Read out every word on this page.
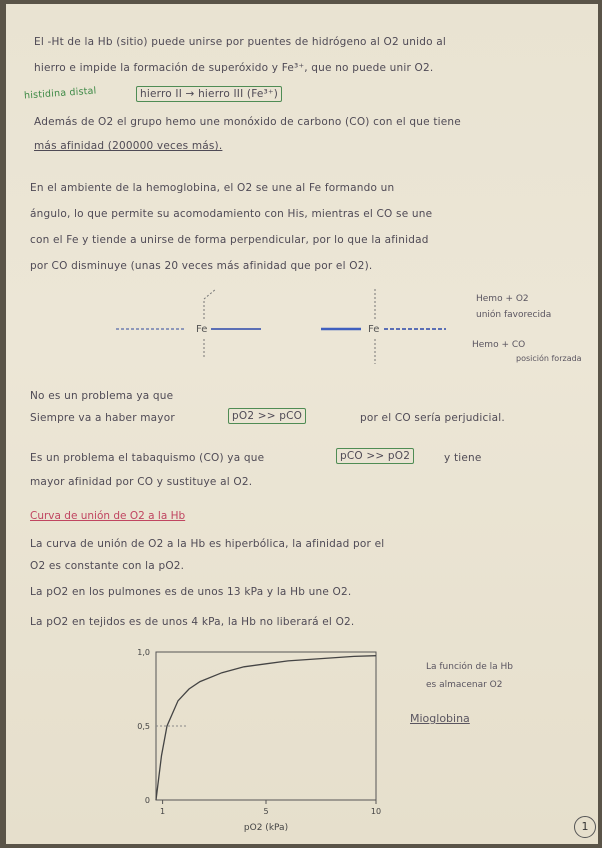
El -Ht de la Hb (sitio) puede unirse por puentes de hidrógeno al O2 unido al
hierro e impide la formación de superóxido y Fe³⁺, que no puede unir O2.
histidina distal	hierro II → hierro III (Fe³⁺)
Además de O2 el grupo hemo une monóxido de carbono (CO) con el que tiene
más afinidad (200000 veces más).
En el ambiente de la hemoglobina, el O2 se une al Fe formando un
ángulo, lo que permite su acomodamiento con His, mientras el CO se une
con el Fe y tiende a unirse de forma perpendicular, por lo que la afinidad
por CO disminuye (unas 20 veces más afinidad que por el O2).
Fe	Fe
Hemo + O2
unión favorecida
Hemo + CO
posición forzada
No es un problema ya que
Siempre va a haber mayor	pO2 >> pCO	por el CO sería perjudicial.
Es un problema el tabaquismo (CO) ya que	pCO >> pO2	y tiene
mayor afinidad por CO y sustituye al O2.
Curva de unión de O2 a la Hb
La curva de unión de O2 a la Hb es hiperbólica, la afinidad por el
O2 es constante con la pO2.
La pO2 en los pulmones es de unos 13 kPa y la Hb une O2.
La pO2 en tejidos es de unos 4 kPa, la Hb no liberará el O2.
1,0
0,5
0
1	5	10
pO2 (kPa)
La función de la Hb
es almacenar O2
Mioglobina
1
